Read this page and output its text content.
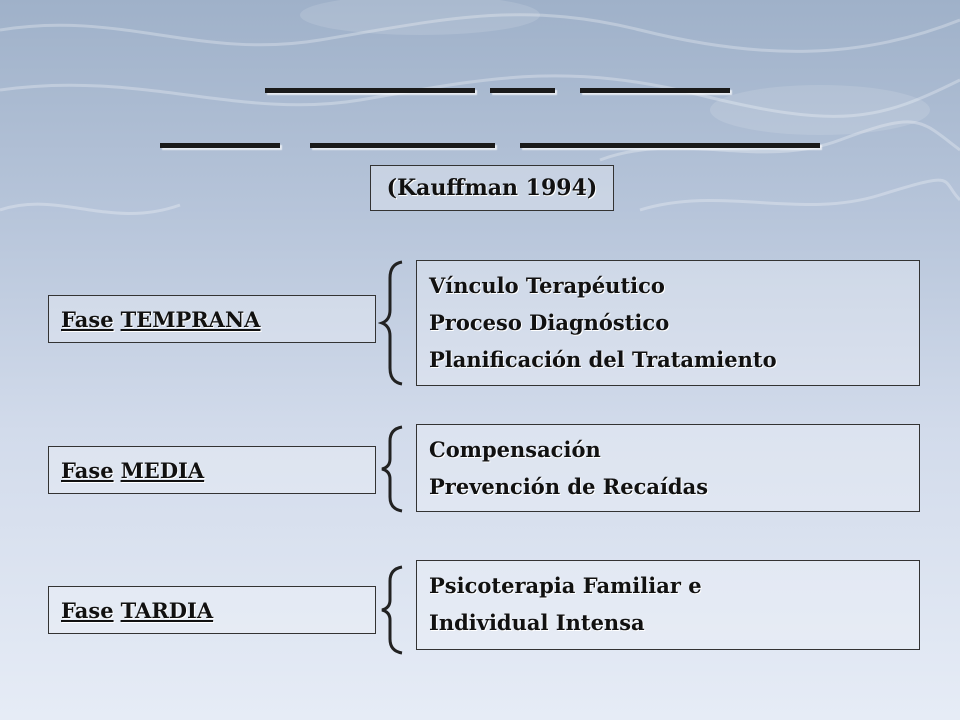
(Kauffman 1994)
Fase TEMPRANA
Vínculo Terapéutico
Proceso Diagnóstico
Planificación del Tratamiento
Fase MEDIA
Compensación
Prevención de Recaídas
Fase TARDIA
Psicoterapia Familiar e
Individual Intensa
